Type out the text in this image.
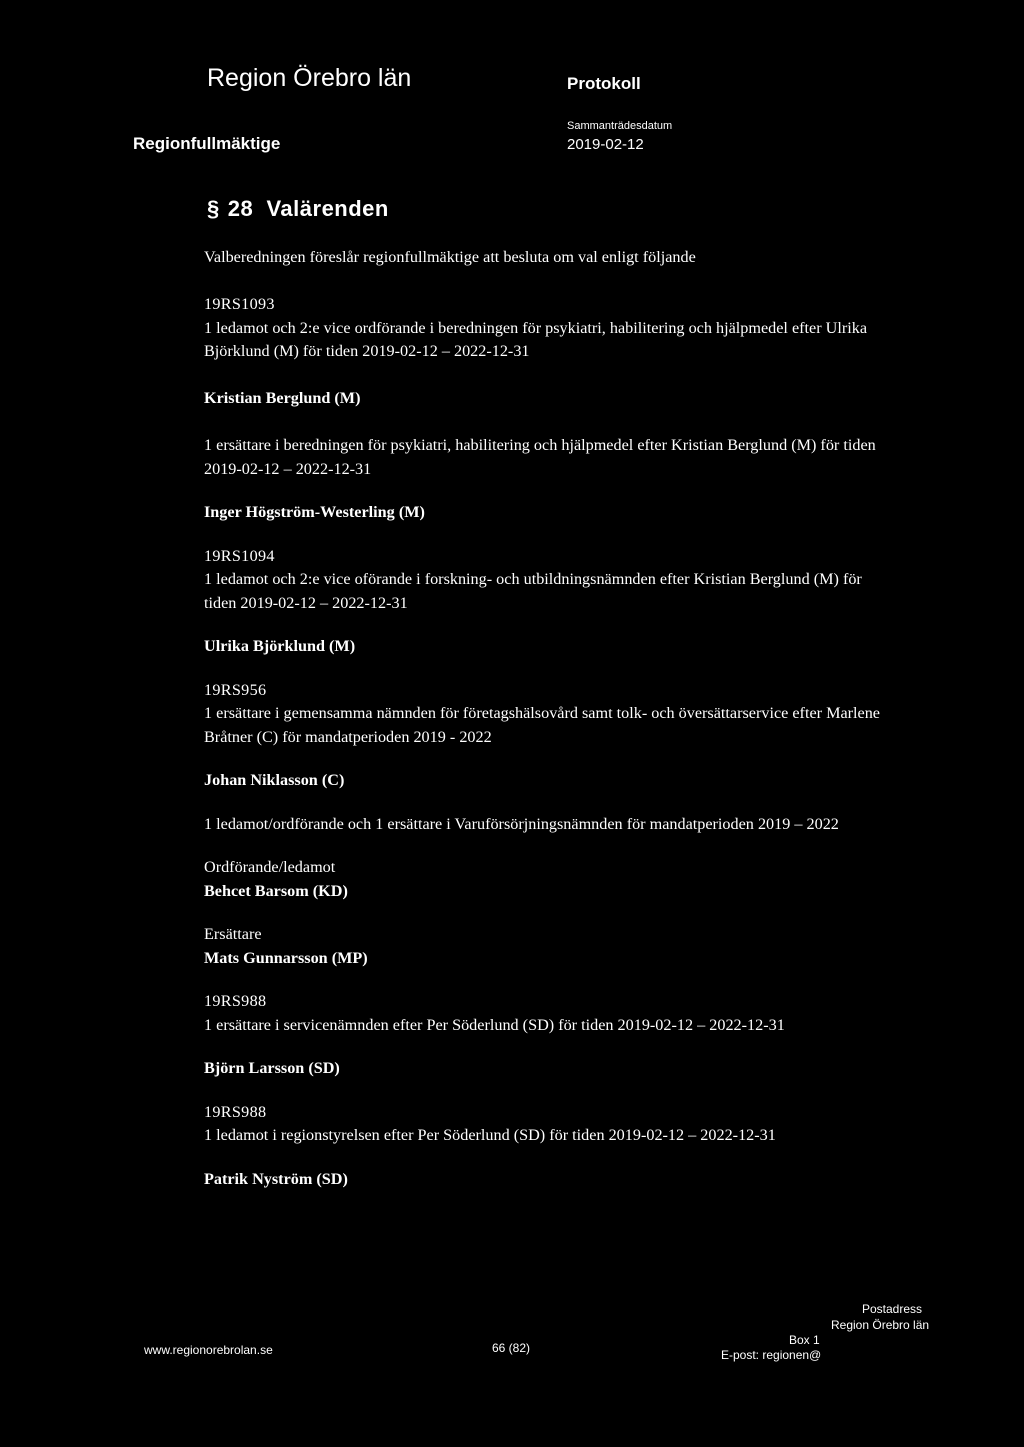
Region Örebro län	Protokoll
Regionfullmäktige
Sammanträdesdatum
2019-02-12
§ 28 Valärenden

Valberedningen föreslår regionfullmäktige att besluta om val enligt följande

19RS1093

1 ledamot och 2:e vice ordförande i beredningen för psykiatri, habilitering och hjälpmedel efter Ulrika Björklund (M) för tiden 2019-02-12 – 2022-12-31

Kristian Berglund (M)

1 ersättare i beredningen för psykiatri, habilitering och hjälpmedel efter Kristian Berglund (M) för tiden 2019-02-12 – 2022-12-31

Inger Högström-Westerling (M)

19RS1094

1 ledamot och 2:e vice oförande i forskning- och utbildningsnämnden efter Kristian Berglund (M) för tiden 2019-02-12 – 2022-12-31

Ulrika Björklund (M)

19RS956

1 ersättare i gemensamma nämnden för företagshälsovård samt tolk- och översättarservice efter Marlene Bråtner (C) för mandatperioden 2019 - 2022

Johan Niklasson (C)

1 ledamot/ordförande och 1 ersättare i Varuförsörjningsnämnden för mandatperioden 2019 – 2022

Ordförande/ledamot

Behcet Barsom (KD)

Ersättare

Mats Gunnarsson (MP)

19RS988

1 ersättare i servicenämnden efter Per Söderlund (SD) för tiden 2019-02-12 – 2022-12-31

Björn Larsson (SD)

19RS988

1 ledamot i regionstyrelsen efter Per Söderlund (SD) för tiden 2019-02-12 – 2022-12-31

Patrik Nyström (SD)

Postadress
Region Örebro län
Box 1
www.regionorebrolan.se	66 (82)	E-post: regionen@
